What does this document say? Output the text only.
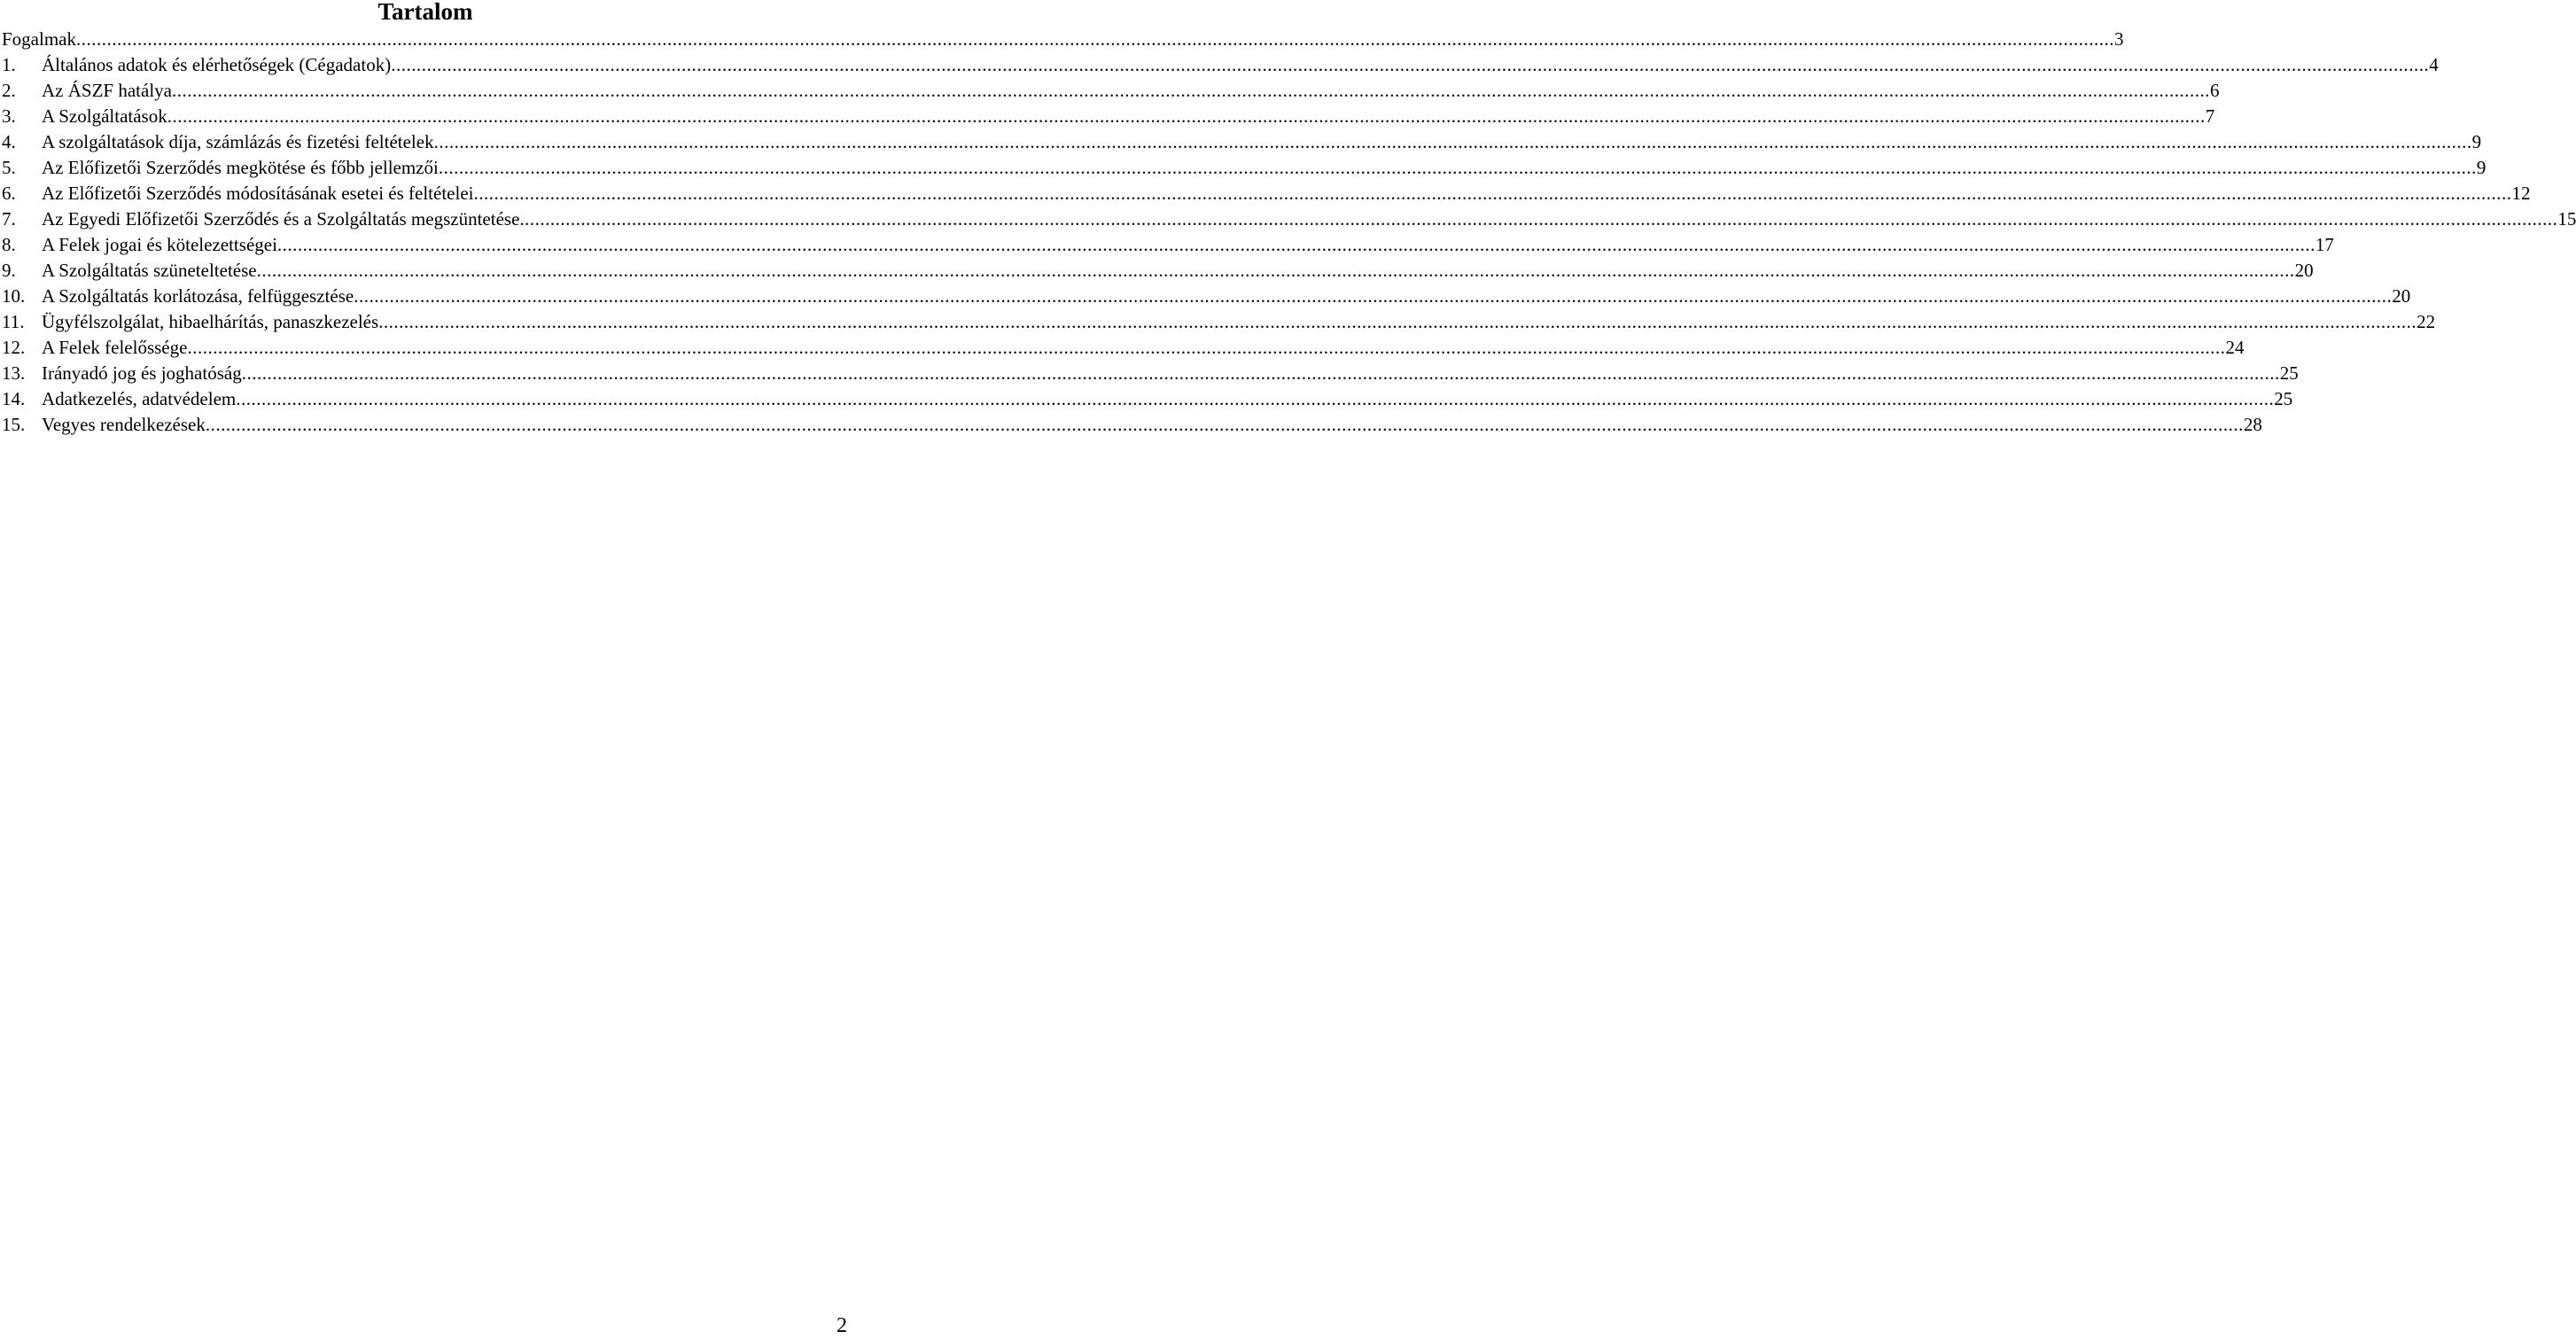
Tartalom
Fogalmak .....	3
1.	Általános adatok és elérhetőségek (Cégadatok) .....	4
2.	Az ÁSZF hatálya .....	6
3.	A Szolgáltatások .....	7
4.	A szolgáltatások díja, számlázás és fizetési feltételek .....	9
5.	Az Előfizetői Szerződés megkötése és főbb jellemzői .....	9
6.	Az Előfizetői Szerződés módosításának esetei és feltételei .....	12
7.	Az Egyedi Előfizetői Szerződés és a Szolgáltatás megszüntetése .....	15
8.	A Felek jogai és kötelezettségei .....	17
9.	A Szolgáltatás szüneteltetése .....	20
10. A Szolgáltatás korlátozása, felfüggesztése .....	20
11. Ügyfélszolgálat, hibaelhárítás, panaszkezelés .....	22
12. A Felek felelőssége .....	24
13. Irányadó jog és joghatóság .....	25
14. Adatkezelés, adatvédelem .....	25
15. Vegyes rendelkezések .....	28
2
